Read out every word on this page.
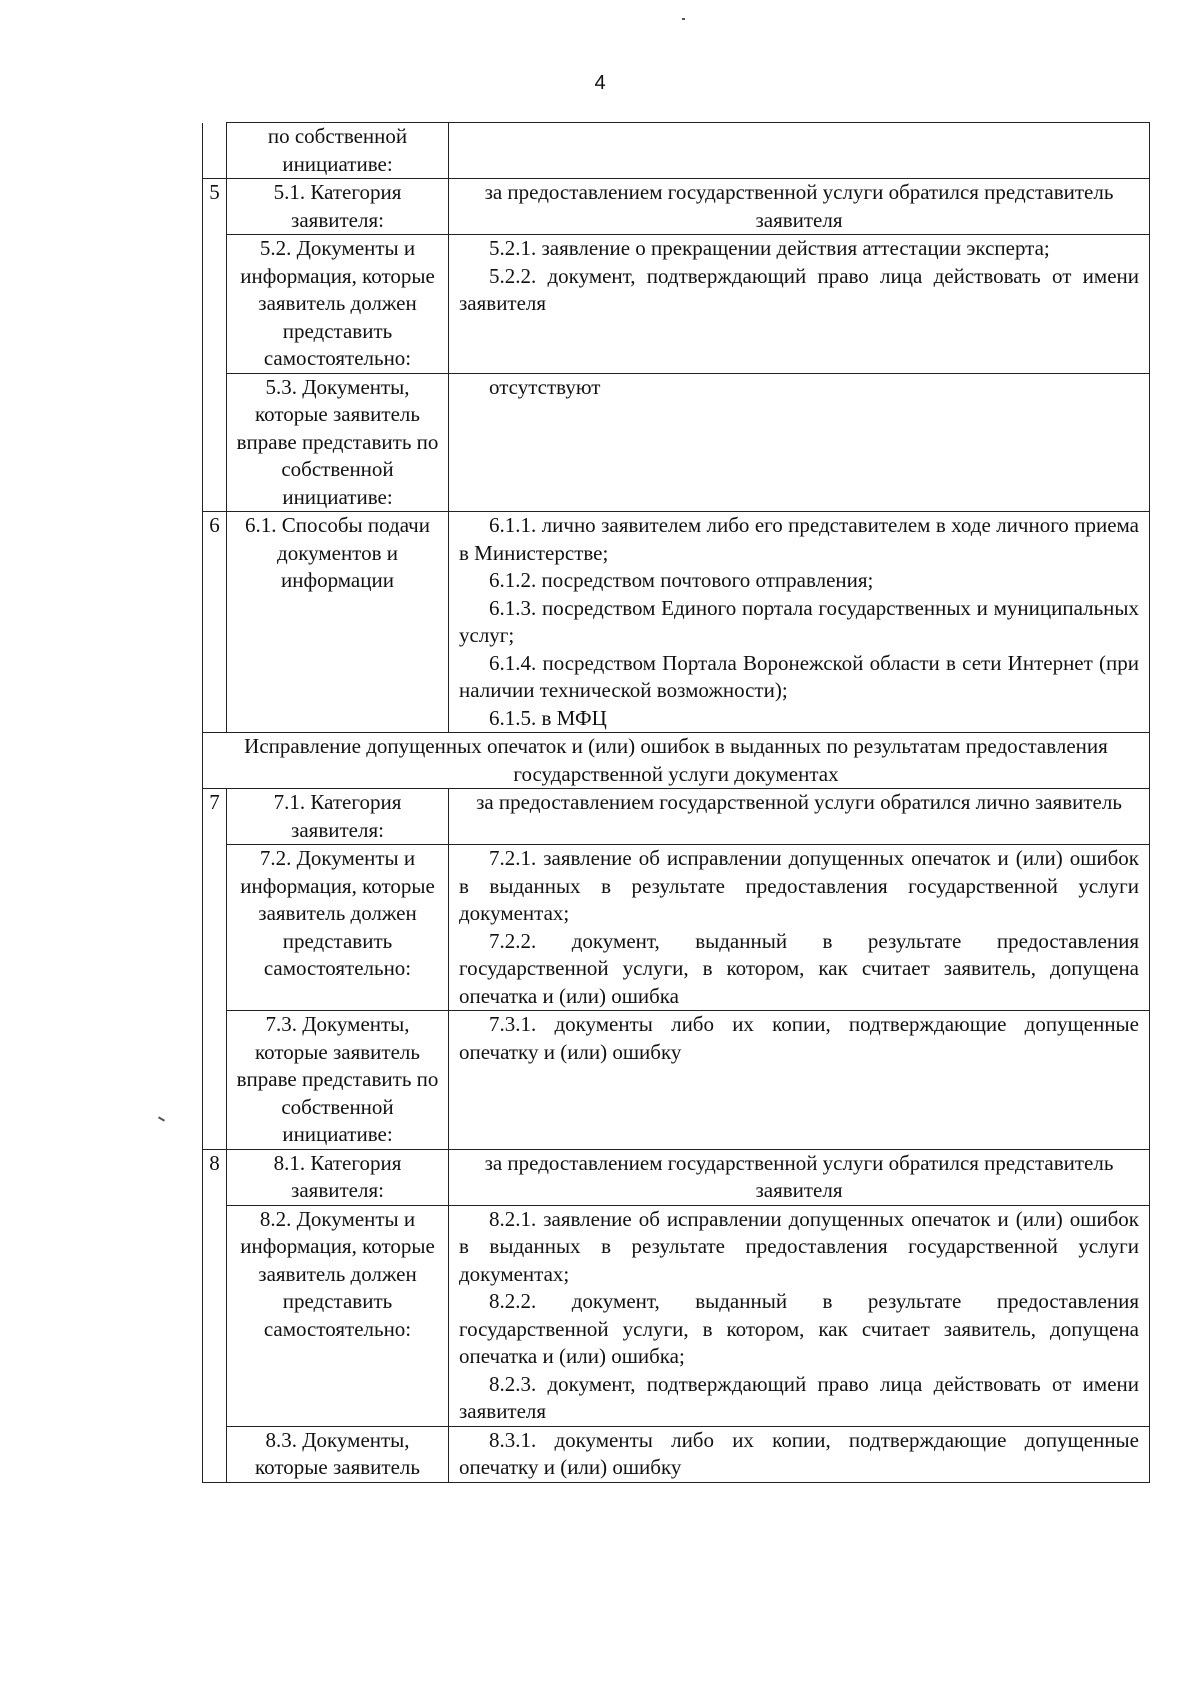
4
	по собственной инициативе:	
5	5.1. Категория заявителя:	за предоставлением государственной услуги обратился представитель заявителя

	5.2. Документы и информация, которые заявитель должен представить самостоятельно:	5.2.1. заявление о прекращении действия аттестации эксперта;

5.2.2. документ, подтверждающий право лица действовать от имени заявителя

	5.3. Документы, которые заявитель вправе представить по собственной инициативе:	отсутствуют

6	6.1. Способы подачи документов и информации	6.1.1. лично заявителем либо его представителем в ходе личного приема в Министерстве;

6.1.2. посредством почтового отправления;

6.1.3. посредством Единого портала государственных и муниципальных услуг;

6.1.4. посредством Портала Воронежской области в сети Интернет (при наличии технической возможности);

6.1.5. в МФЦ

Исправление допущенных опечаток и (или) ошибок в выданных по результатам предоставления государственной услуги документах		
7	7.1. Категория заявителя:	за предоставлением государственной услуги обратился лично заявитель

	7.2. Документы и информация, которые заявитель должен представить самостоятельно:	7.2.1. заявление об исправлении допущенных опечаток и (или) ошибок в выданных в результате предоставления государственной услуги документах;

7.2.2. документ, выданный в результате предоставления государственной услуги, в котором, как считает заявитель, допущена опечатка и (или) ошибка

	7.3. Документы, которые заявитель вправе представить по собственной инициативе:	7.3.1. документы либо их копии, подтверждающие допущенные опечатку и (или) ошибку

8	8.1. Категория заявителя:	за предоставлением государственной услуги обратился представитель заявителя

	8.2. Документы и информация, которые заявитель должен представить самостоятельно:	8.2.1. заявление об исправлении допущенных опечаток и (или) ошибок в выданных в результате предоставления государственной услуги документах;

8.2.2. документ, выданный в результате предоставления государственной услуги, в котором, как считает заявитель, допущена опечатка и (или) ошибка;

8.2.3. документ, подтверждающий право лица действовать от имени заявителя

	8.3. Документы, которые заявитель	8.3.1. документы либо их копии, подтверждающие допущенные опечатку и (или) ошибку
